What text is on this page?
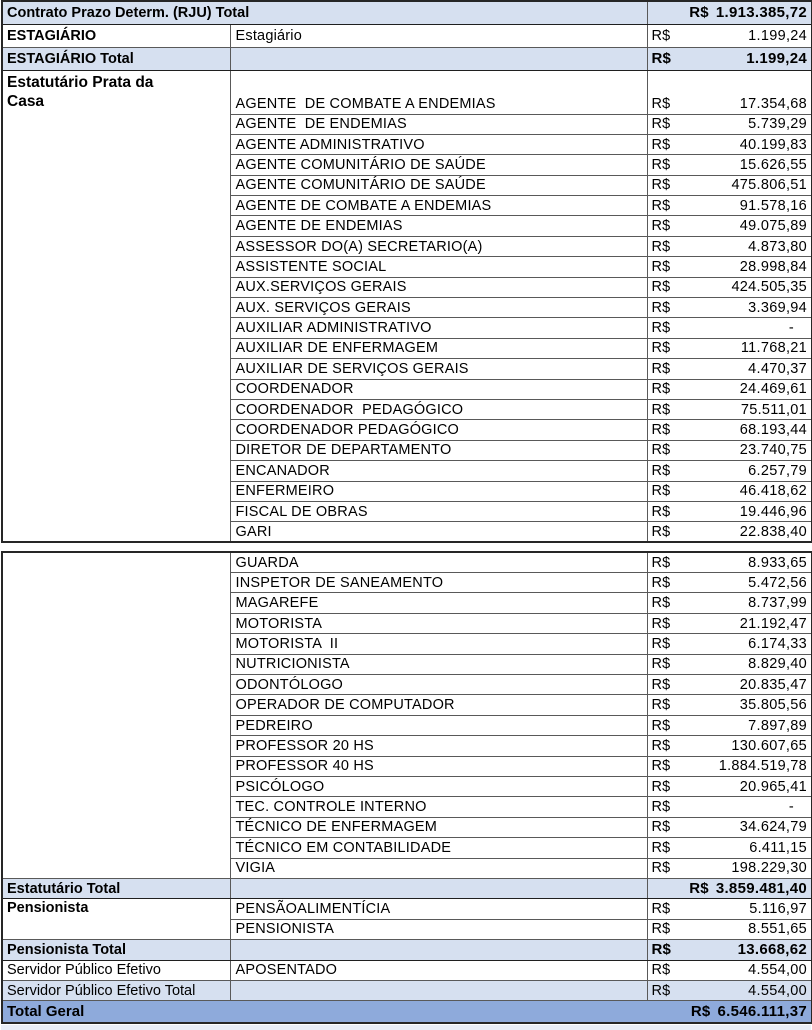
Contrato Prazo Determ. (RJU) Total		R$ 1.913.385,72

ESTAGIÁRIO	Estagiário	R$ 1.199,24

ESTAGIÁRIO Total		R$ 1.199,24

Estatutário Prata da Casa	AGENTE  DE COMBATE A ENDEMIAS	R$ 17.354,68

	AGENTE  DE ENDEMIAS	R$ 5.739,29

	AGENTE ADMINISTRATIVO	R$ 40.199,83

	AGENTE COMUNITÁRIO DE SAÚDE	R$ 15.626,55

	AGENTE COMUNITÁRIO DE SAÚDE	R$ 475.806,51

	AGENTE DE COMBATE A ENDEMIAS	R$ 91.578,16

	AGENTE DE ENDEMIAS	R$ 49.075,89

	ASSESSOR DO(A) SECRETARIO(A)	R$ 4.873,80

	ASSISTENTE SOCIAL	R$ 28.998,84

	AUX.SERVIÇOS GERAIS	R$ 424.505,35

	AUX. SERVIÇOS GERAIS	R$ 3.369,94

	AUXILIAR ADMINISTRATIVO	R$ -

	AUXILIAR DE ENFERMAGEM	R$ 11.768,21

	AUXILIAR DE SERVIÇOS GERAIS	R$ 4.470,37

	COORDENADOR	R$ 24.469,61

	COORDENADOR  PEDAGÓGICO	R$ 75.511,01

	COORDENADOR PEDAGÓGICO	R$ 68.193,44

	DIRETOR DE DEPARTAMENTO	R$ 23.740,75

	ENCANADOR	R$ 6.257,79

	ENFERMEIRO	R$ 46.418,62

	FISCAL DE OBRAS	R$ 19.446,96

	GARI	R$ 22.838,40
	GUARDA	R$ 8.933,65

	INSPETOR DE SANEAMENTO	R$ 5.472,56

	MAGAREFE	R$ 8.737,99

	MOTORISTA	R$ 21.192,47

	MOTORISTA  II	R$ 6.174,33

	NUTRICIONISTA	R$ 8.829,40

	ODONTÓLOGO	R$ 20.835,47

	OPERADOR DE COMPUTADOR	R$ 35.805,56

	PEDREIRO	R$ 7.897,89

	PROFESSOR 20 HS	R$ 130.607,65

	PROFESSOR 40 HS	R$ 1.884.519,78

	PSICÓLOGO	R$ 20.965,41

	TEC. CONTROLE INTERNO	R$ -

	TÉCNICO DE ENFERMAGEM	R$ 34.624,79

	TÉCNICO EM CONTABILIDADE	R$ 6.411,15

	VIGIA	R$ 198.229,30

Estatutário Total		R$ 3.859.481,40

Pensionista	PENSÃOALIMENTÍCIA	R$ 5.116,97

	PENSIONISTA	R$ 8.551,65

Pensionista Total		R$ 13.668,62

Servidor Público Efetivo	APOSENTADO	R$ 4.554,00

Servidor Público Efetivo Total		R$ 4.554,00

Total Geral		R$ 6.546.111,37
